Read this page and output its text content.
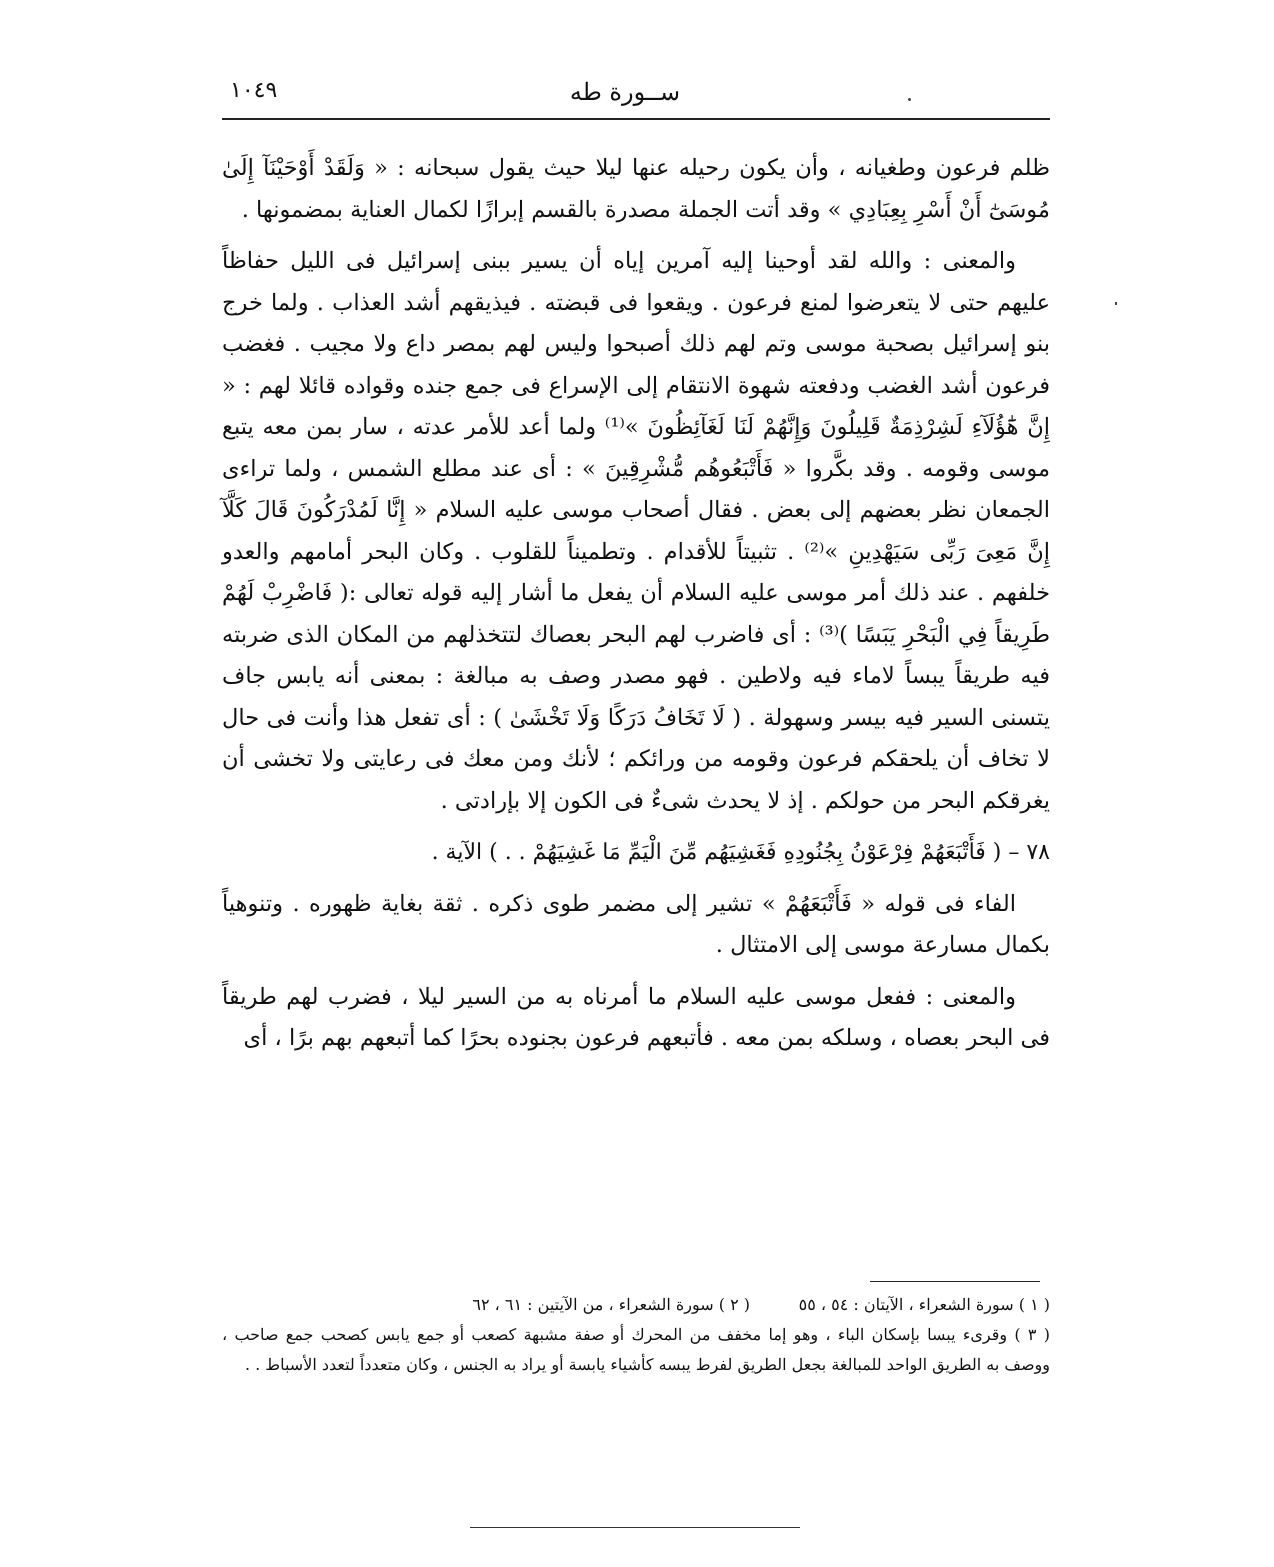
ســورة طه
١٠٤٩

ظلم فرعون وطغيانه ، وأن يكون رحيله عنها ليلا حيث يقول سبحانه : « وَلَقَدْ أَوْحَيْنَآ إِلَىٰ مُوسَىٰٓ أَنْ أَسْرِ بِعِبَادِي » وقد أتت الجملة مصدرة بالقسم إبرازًا لكمال العناية بمضمونها .

والمعنى : والله لقد أوحينا إليه آمرين إياه أن يسير ببنى إسرائيل فى الليل حفاظاً عليهم حتى لا يتعرضوا لمنع فرعون . ويقعوا فى قبضته . فيذيقهم أشد العذاب . ولما خرج بنو إسرائيل بصحبة موسى وتم لهم ذلك أصبحوا وليس لهم بمصر داع ولا مجيب . فغضب فرعون أشد الغضب ودفعته شهوة الانتقام إلى الإسراع فى جمع جنده وقواده قائلا لهم : « إِنَّ هَٰٓؤُلَآءِ لَشِرْذِمَةٌ قَلِيلُونَ وَإِنَّهُمْ لَنَا لَغَآئِظُونَ »⁽¹⁾ ولما أعد للأمر عدته ، سار بمن معه يتبع موسى وقومه . وقد بكَّروا « فَأَتْبَعُوهُم مُّشْرِقِينَ » : أى عند مطلع الشمس ، ولما تراءى الجمعان نظر بعضهم إلى بعض . فقال أصحاب موسى عليه السلام « إِنَّا لَمُدْرَكُونَ قَالَ كَلَّآ إِنَّ مَعِىَ رَبِّى سَيَهْدِينِ »⁽²⁾ . تثبيتاً للأقدام . وتطميناً للقلوب . وكان البحر أمامهم والعدو خلفهم . عند ذلك أمر موسى عليه السلام أن يفعل ما أشار إليه قوله تعالى :( فَاضْرِبْ لَهُمْ طَرِيقاً فِي الْبَحْرِ يَبَسًا )⁽³⁾ : أى فاضرب لهم البحر بعصاك لتتخذلهم من المكان الذى ضربته فيه طريقاً يبساً لاماء فيه ولاطين . فهو مصدر وصف به مبالغة : بمعنى أنه يابس جاف يتسنى السير فيه بيسر وسهولة . ( لَا تَخَافُ دَرَكًا وَلَا تَخْشَىٰ ) : أى تفعل هذا وأنت فى حال لا تخاف أن يلحقكم فرعون وقومه من ورائكم ؛ لأنك ومن معك فى رعايتى ولا تخشى أن يغرقكم البحر من حولكم . إذ لا يحدث شىءٌ فى الكون إلا بإرادتى .

٧٨ – ( فَأَتْبَعَهُمْ فِرْعَوْنُ بِجُنُودِهِ فَغَشِيَهُم مِّنَ الْيَمِّ مَا غَشِيَهُمْ . . ) الآية .

الفاء فى قوله « فَأَتْبَعَهُمْ » تشير إلى مضمر طوى ذكره . ثقة بغاية ظهوره . وتنوهياً بكمال مسارعة موسى إلى الامتثال .

والمعنى : ففعل موسى عليه السلام ما أمرناه به من السير ليلا ، فضرب لهم طريقاً فى البحر بعصاه ، وسلكه بمن معه . فأتبعهم فرعون بجنوده بحرًا كما أتبعهم بهم برًا ، أى

( ١ ) سورة الشعراء ، الآيتان : ٥٤ ، ٥٥
( ٢ ) سورة الشعراء ، من الآيتين : ٦١ ، ٦٢

( ٣ ) وقرىء يبسا بإسكان الباء ، وهو إما مخفف من المحرك أو صفة مشبهة كصعب أو جمع يابس كصحب جمع صاحب ، ووصف به الطريق الواحد للمبالغة بجعل الطريق لفرط يبسه كأشياء يابسة أو يراد به الجنس ، وكان متعدداً لتعدد الأسباط . .
